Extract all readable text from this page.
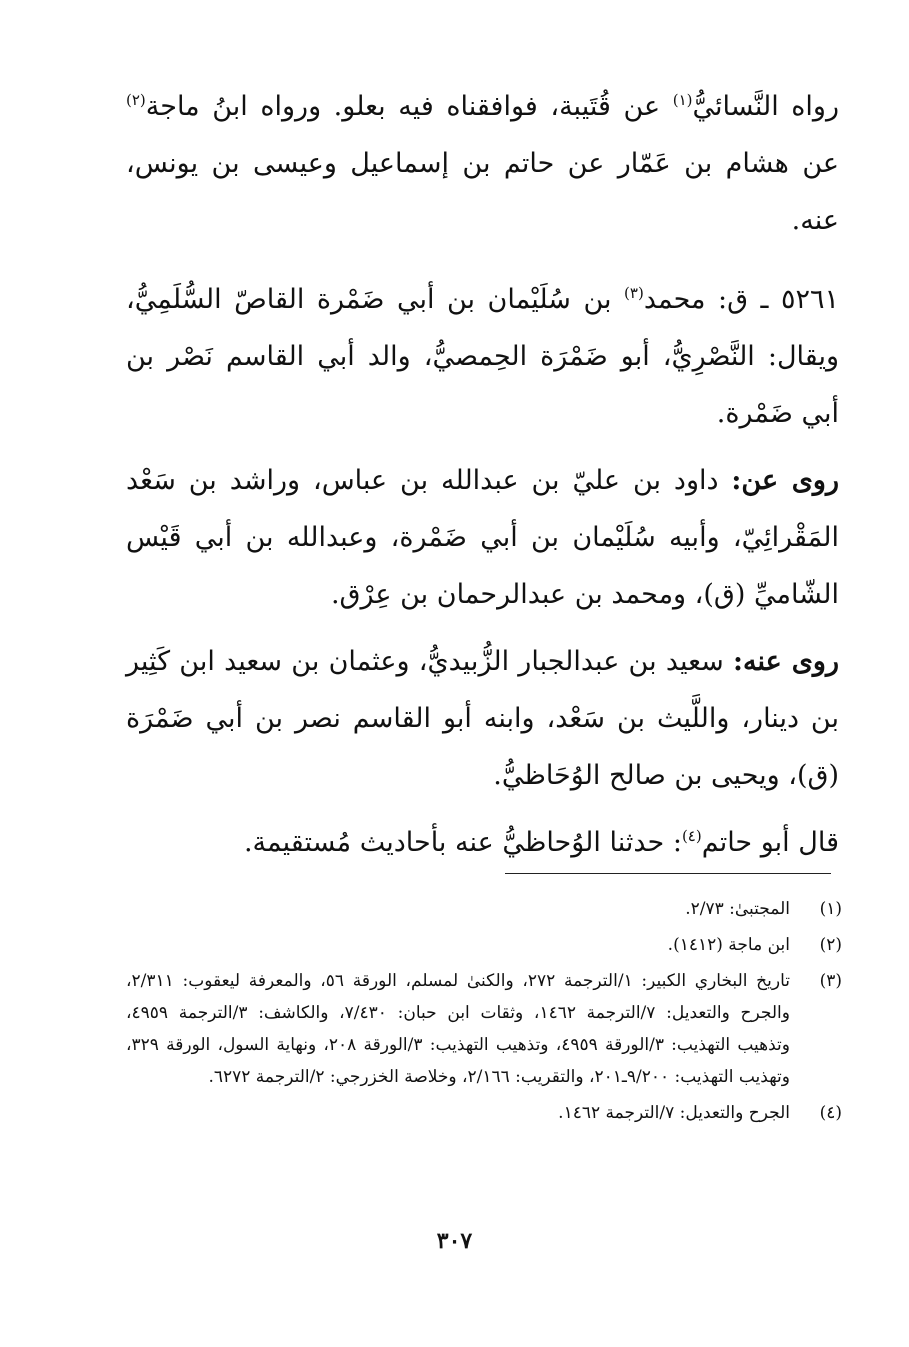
رواه النَّسائيُّ$^{(١)}$ عن قُتَيبة، فوافقناه فيه بعلو. ورواه ابنُ ماجة$^{(٢)}$ عن هشام بن عَمّار عن حاتم بن إسماعيل وعيسى بن يونس، عنه.

٥٢٦١ ـ ق: محمد$^{(٣)}$ بن سُلَيْمان بن أبي ضَمْرة القاصّ السُّلَمِيُّ، ويقال: النَّصْرِيُّ، أبو ضَمْرَة الحِمصيُّ، والد أبي القاسم نَصْر بن أبي ضَمْرة.

روى عن: داود بن عليّ بن عبدالله بن عباس، وراشد بن سَعْد المَقْرائِيّ، وأبيه سُلَيْمان بن أبي ضَمْرة، وعبدالله بن أبي قَيْس الشّاميِّ (ق)، ومحمد بن عبدالرحمان بن عِرْق.

روى عنه: سعيد بن عبدالجبار الزُّبيديُّ، وعثمان بن سعيد ابن كَثِير بن دينار، واللَّيث بن سَعْد، وابنه أبو القاسم نصر بن أبي ضَمْرَة (ق)، ويحيى بن صالح الوُحَاظيُّ.

قال أبو حاتم$^{(٤)}$: حدثنا الوُحاظيُّ عنه بأحاديث مُستقيمة.

(١)
المجتبىٰ: ٢/٧٣.
(٢)
ابن ماجة (١٤١٢).
(٣)
تاريخ البخاري الكبير: ١/الترجمة ٢٧٢، والكنىٰ لمسلم، الورقة ٥٦، والمعرفة ليعقوب: ٢/٣١١، والجرح والتعديل: ٧/الترجمة ١٤٦٢، وثقات ابن حبان: ٧/٤٣٠، والكاشف: ٣/الترجمة ٤٩٥٩، وتذهيب التهذيب: ٣/الورقة ٤٩٥٩، وتذهيب التهذيب: ٣/الورقة ٢٠٨، ونهاية السول، الورقة ٣٢٩، وتهذيب التهذيب: ٩/٢٠٠ـ٢٠١، والتقريب: ٢/١٦٦، وخلاصة الخزرجي: ٢/الترجمة ٦٢٧٢.
(٤)
الجرح والتعديل: ٧/الترجمة ١٤٦٢.
٣٠٧
